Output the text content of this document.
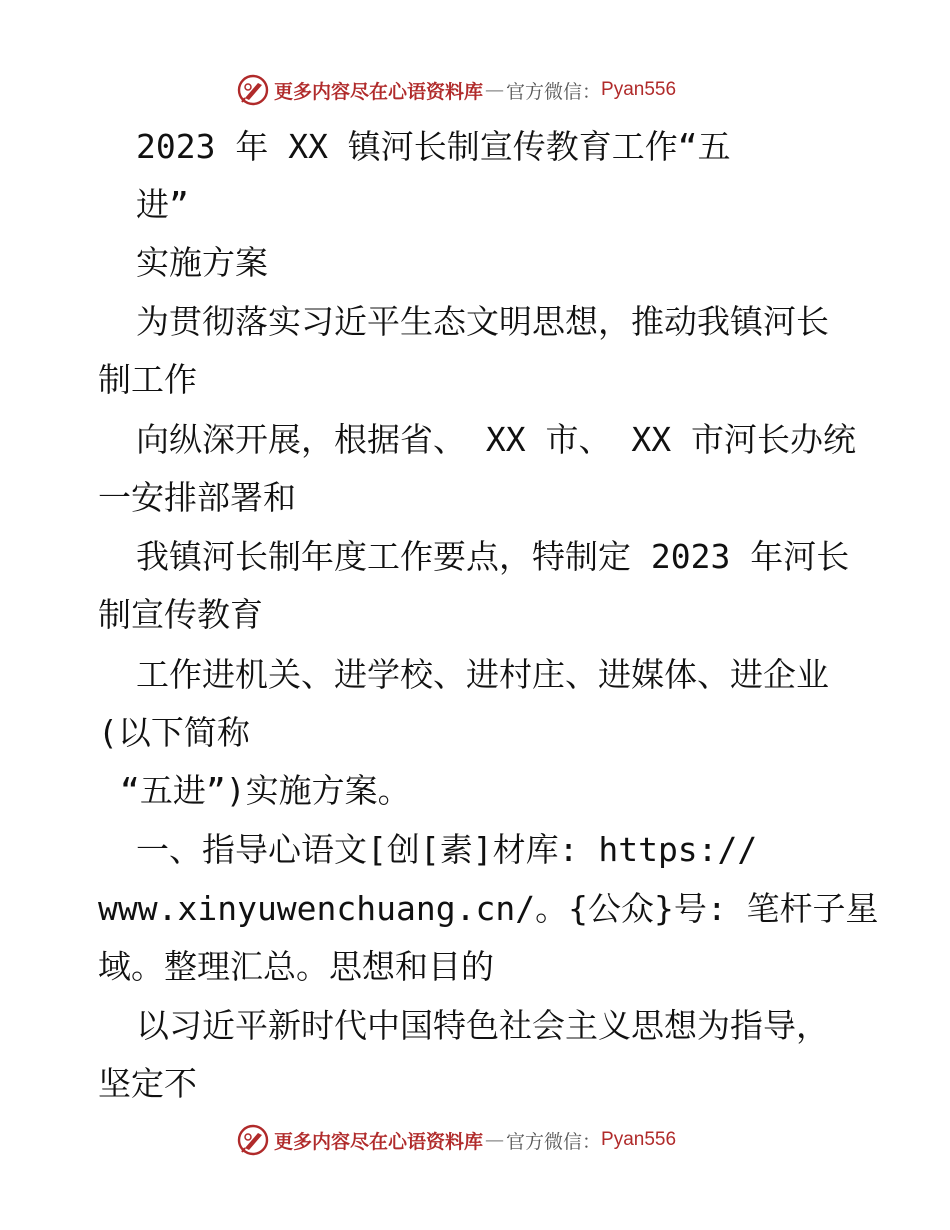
更多内容尽在心语资料库 — 官方微信： Pyan556
2023 年 XX 镇河长制宣传教育工作“五
进”
实施方案
为贯彻落实习近平生态文明思想，推动我镇河长
制工作
向纵深开展，根据省、 XX 市、 XX 市河长办统
一安排部署和
我镇河长制年度工作要点，特制定 2023 年河长
制宣传教育
工作进机关、进学校、进村庄、进媒体、进企业
(以下简称
“五进”)实施方案。
一、指导心语文[创[素]材库: https://
www.xinyuwenchuang.cn/。{公众}号: 笔杆子星
域。整理汇总。思想和目的
以习近平新时代中国特色社会主义思想为指导，
坚定不
更多内容尽在心语资料库 — 官方微信： Pyan556
